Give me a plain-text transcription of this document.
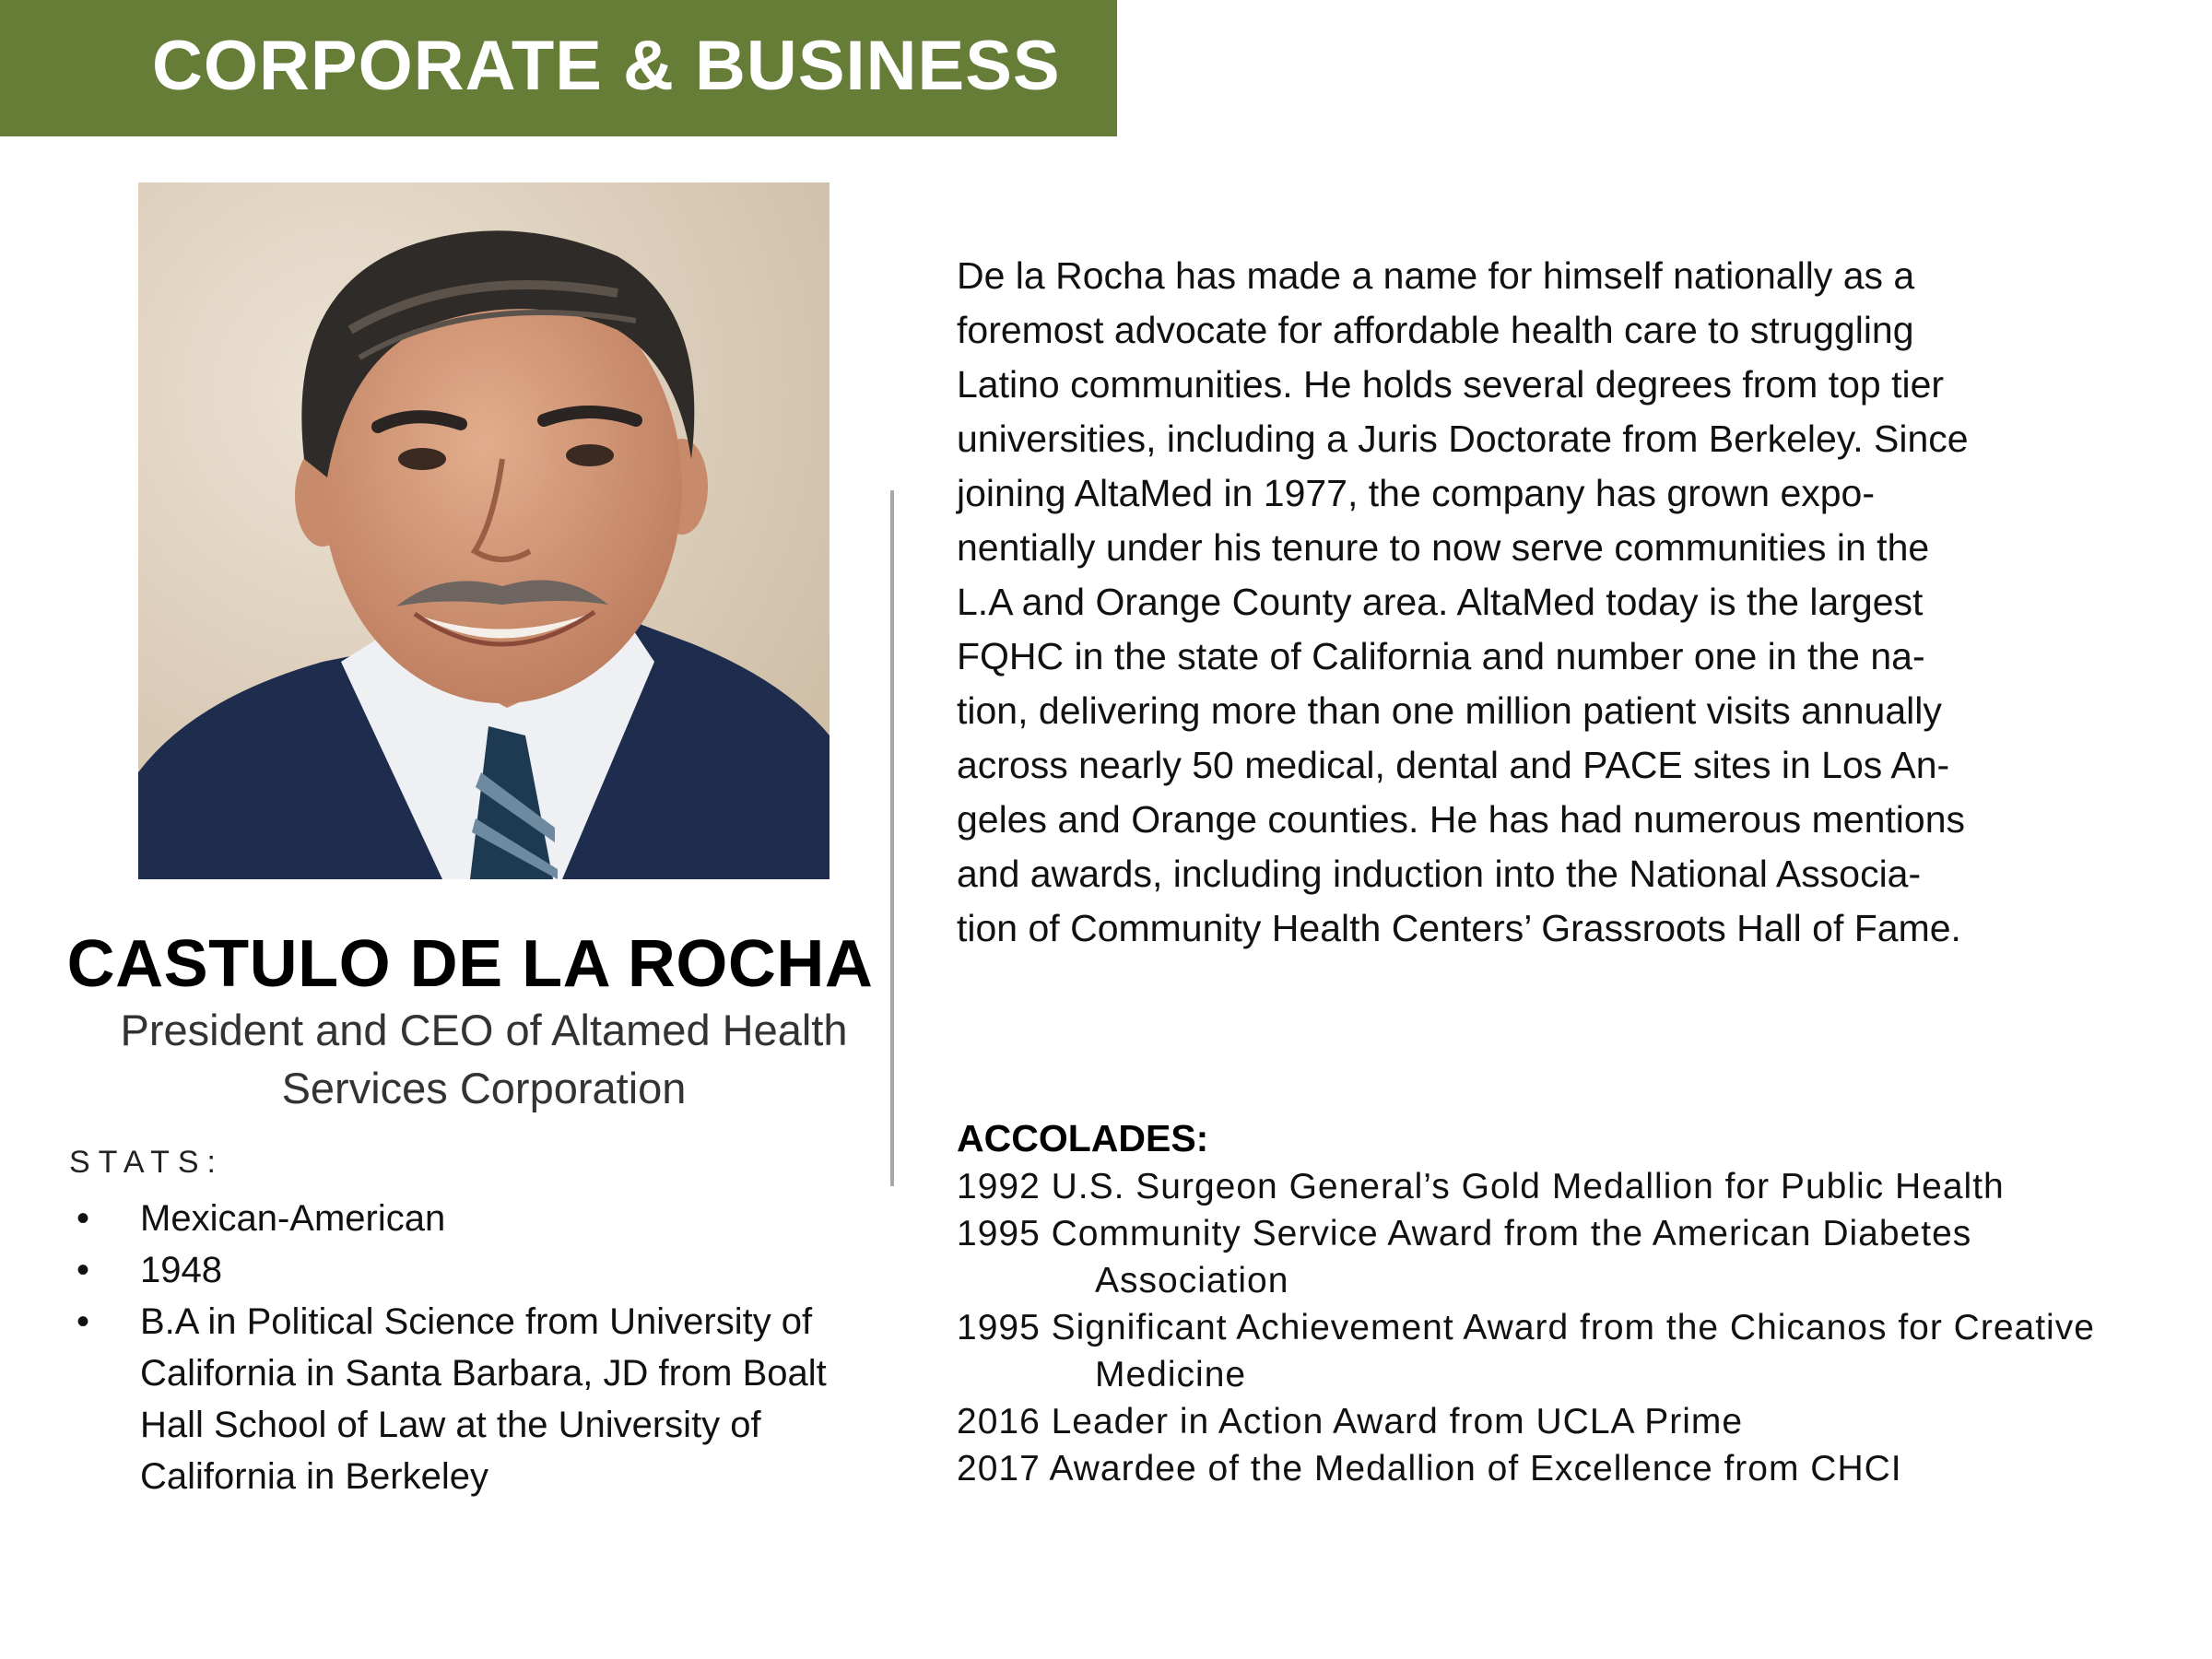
CORPORATE & BUSINESS
CASTULO DE LA ROCHA
President and CEO of Altamed Health
Services Corporation
STATS:
• Mexican-American
• 1948
• B.A in Political Science from University of California in Santa Barbara, JD from Boalt Hall School of Law at the University of California in Berkeley
De la Rocha has made a name for himself nationally as a
foremost advocate for affordable health care to struggling
Latino communities. He holds several degrees from top tier
universities, including a Juris Doctorate from Berkeley. Since
joining AltaMed in 1977, the company has grown expo-
nentially under his tenure to now serve communities in the
L.A and Orange County area. AltaMed today is the largest
FQHC in the state of California and number one in the na-
tion, delivering more than one million patient visits annually
across nearly 50 medical, dental and PACE sites in Los An-
geles and Orange counties. He has had numerous mentions
and awards, including induction into the National Associa-
tion of Community Health Centers’ Grassroots Hall of Fame.
ACCOLADES:
1992 U.S. Surgeon General’s Gold Medallion for Public Health
1995 Community Service Award from the American Diabetes Association
1995 Significant Achievement Award from the Chicanos for Creative Medicine
2016 Leader in Action Award from UCLA Prime
2017 Awardee of the Medallion of Excellence from CHCI
